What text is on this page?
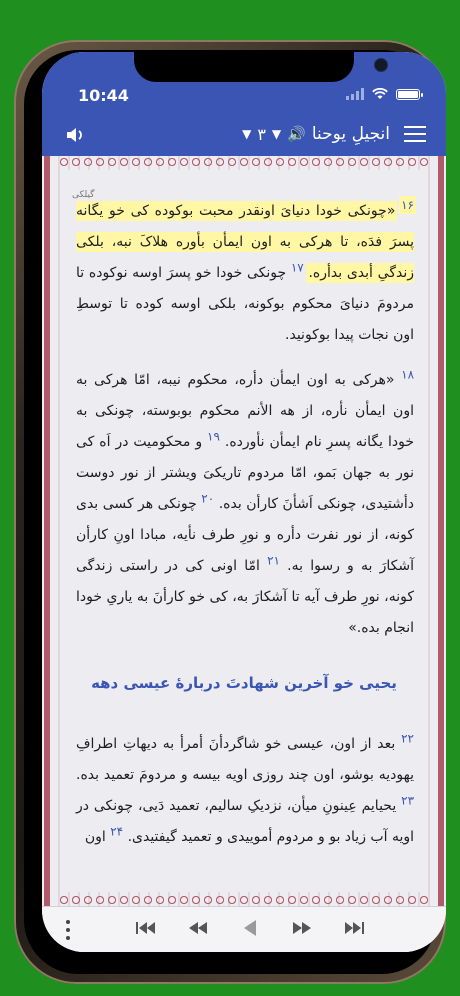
10:44
انجیلِ یوحنا
🔊
▼
۳
▼
گیلکی

۱۶ «چونکی خودا دنیایَ اونقدر محبت بوکوده کی خو یگانه پسرَ فدَه، تا هرکی به اون ایمأن بأوره هلاکَ نبه، بلکی زندگیِ أبدی بدأره. ۱۷ چونکی خودا خو پسرَ اوسه نوکوده تا مردومَ دنیایَ محکوم بوکونه، بلکی اوسه کوده تا توسطِ اون نجات پیدا بوکونید.

۱۸ «هرکی به اون ایمأن دأره، محکوم نیبه، امّا هرکی به اون ایمأن نأره، از هه الأنم محکوم بوبوسته، چونکی به خودا یگانه پسرِ نام ایمأن نأورده. ۱۹ و محکومیت در اَه کی نور به جهان بَمو، امّا مردوم تاریکیَ ویشتر از نور دوست دأشتیدی، چونکی اَشأنَ کارأن بده. ۲۰ چونکی هر کسی بدی کونه، از نور نفرت دأره و نورِ طرف نأیه، مبادا اونِ کارأن آشکارَ به و رسوا به. ۲۱ امّا اونی کی در راستی زندگی کونه، نورِ طرف آیه تا آشکارَ به، کی خو کارأنَ به یاریِ خودا انجام بده.»

یحیی خو آخرین شهادتَ دربارهٔ عیسی دهه

۲۲ بعد از اون، عیسی خو شاگردأنَ أمرأ به دیهاتِ اطرافِ یهودیه بوشو، اون چند روزی اویه بیسه و مردومَ تعمید بده. ۲۳ یحیایم عِینونِ میأن، نزدیکِ سالیم، تعمید دَیی، چونکی در اویه آب زیاد بو و مردوم أموییدی و تعمید گیفتیدی. ۲۴ اون
